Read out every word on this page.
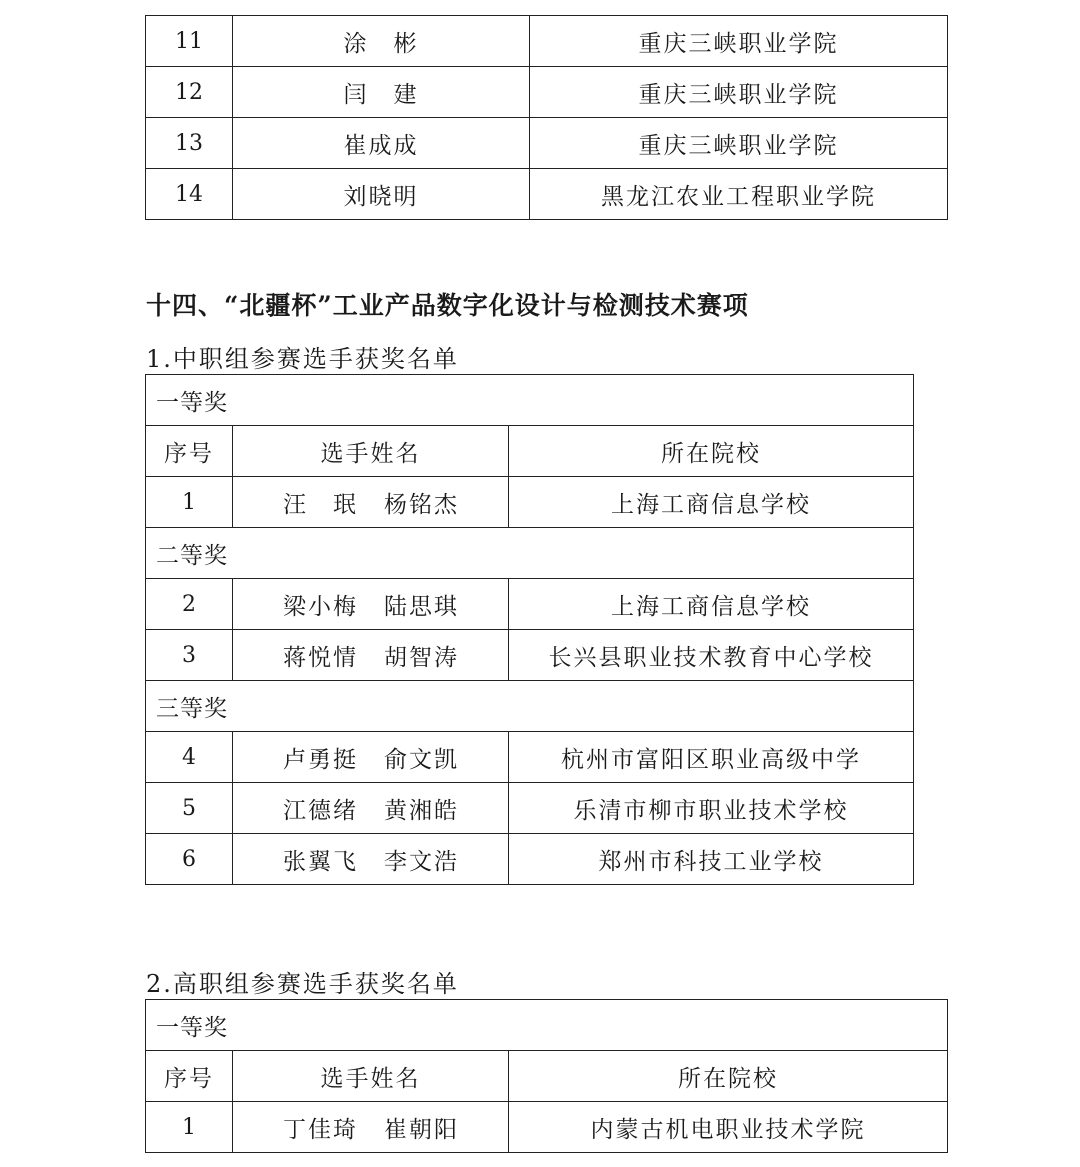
11	涂　彬	重庆三峡职业学院
12	闫　建	重庆三峡职业学院
13	崔成成	重庆三峡职业学院
14	刘晓明	黑龙江农业工程职业学院
十四、“北疆杯”工业产品数字化设计与检测技术赛项
1.中职组参赛选手获奖名单
一等奖		
序号	选手姓名	所在院校
1	汪　珉 杨铭杰	上海工商信息学校
二等奖		
2	梁小梅 陆思琪	上海工商信息学校
3	蒋悦情 胡智涛	长兴县职业技术教育中心学校
三等奖		
4	卢勇挺 俞文凯	杭州市富阳区职业高级中学
5	江德绪 黄湘皓	乐清市柳市职业技术学校
6	张翼飞 李文浩	郑州市科技工业学校
2.高职组参赛选手获奖名单
一等奖		
序号	选手姓名	所在院校
1	丁佳琦 崔朝阳	内蒙古机电职业技术学院
